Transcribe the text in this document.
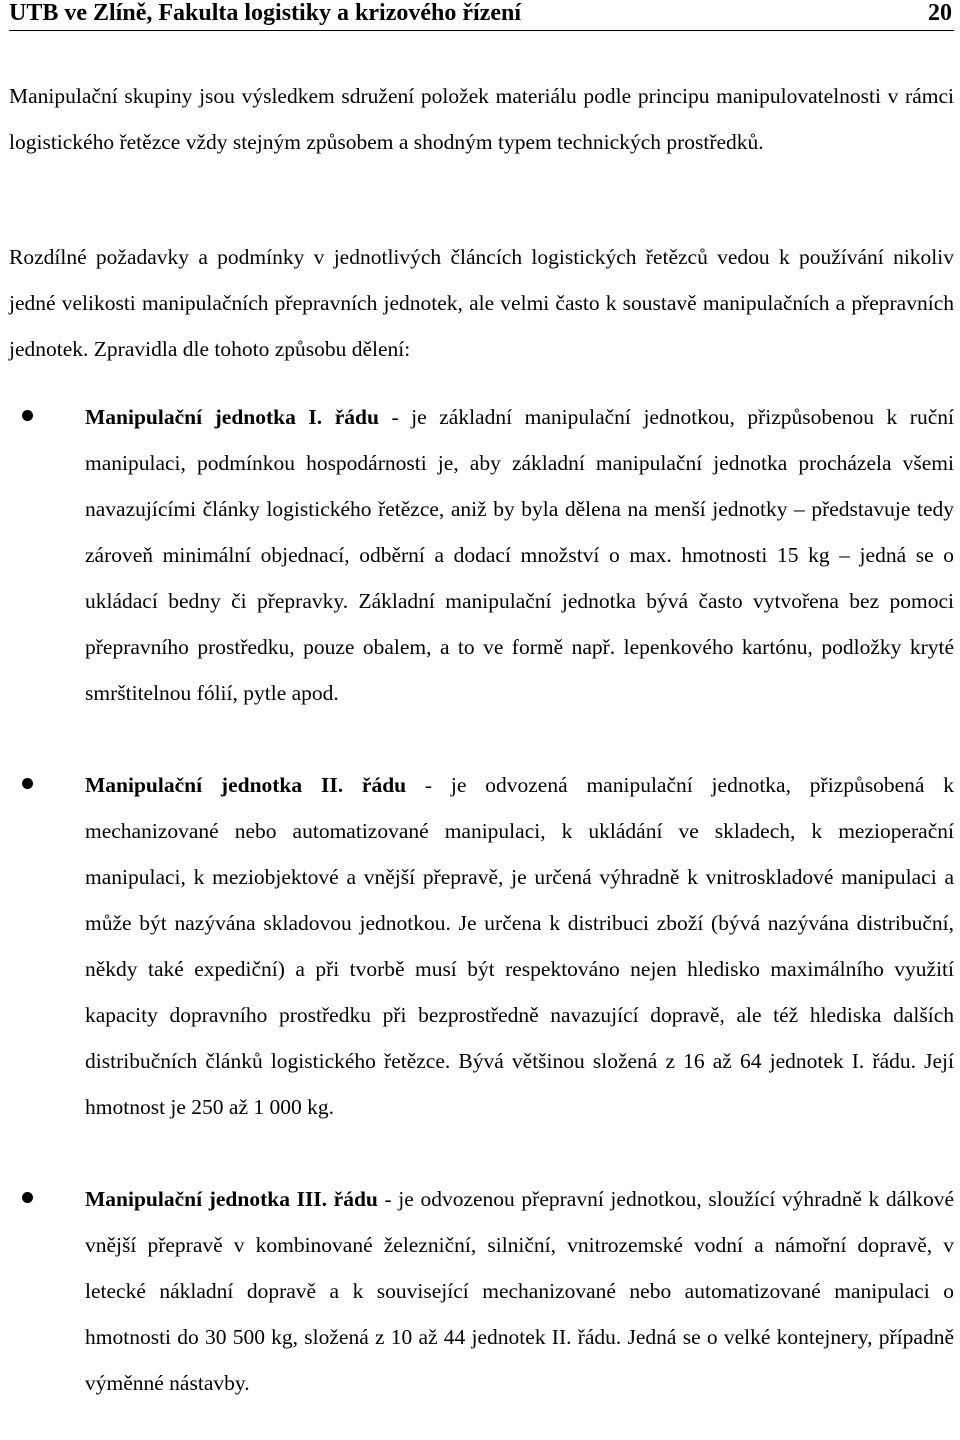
UTB ve Zlíně, Fakulta logistiky a krizového řízení	20

Manipulační skupiny jsou výsledkem sdružení položek materiálu podle principu manipulovatelnosti v rámci logistického řetězce vždy stejným způsobem a shodným typem technických prostředků.

Rozdílné požadavky a podmínky v jednotlivých článcích logistických řetězců vedou k používání nikoliv jedné velikosti manipulačních přepravních jednotek, ale velmi často k soustavě manipulačních a přepravních jednotek. Zpravidla dle tohoto způsobu dělení:

Manipulační jednotka I. řádu - je základní manipulační jednotkou, přizpůsobenou k ruční manipulaci, podmínkou hospodárnosti je, aby základní manipulační jednotka procházela všemi navazujícími články logistického řetězce, aniž by byla dělena na menší jednotky – představuje tedy zároveň minimální objednací, odběrní a dodací množství o max. hmotnosti 15 kg – jedná se o ukládací bedny či přepravky. Základní manipulační jednotka bývá často vytvořena bez pomoci přepravního prostředku, pouze obalem, a to ve formě např. lepenkového kartónu, podložky kryté smrštitelnou fólií, pytle apod.

Manipulační jednotka II. řádu - je odvozená manipulační jednotka, přizpůsobená k mechanizované nebo automatizované manipulaci, k ukládání ve skladech, k mezioperační manipulaci, k meziobjektové a vnější přepravě, je určená výhradně k vnitroskladové manipulaci a může být nazývána skladovou jednotkou. Je určena k distribuci zboží (bývá nazývána distribuční, někdy také expediční) a při tvorbě musí být respektováno nejen hledisko maximálního využití kapacity dopravního prostředku při bezprostředně navazující dopravě, ale též hlediska dalších distribučních článků logistického řetězce. Bývá většinou složená z 16 až 64 jednotek I. řádu. Její hmotnost je 250 až 1 000 kg.

Manipulační jednotka III. řádu - je odvozenou přepravní jednotkou, sloužící výhradně k dálkové vnější přepravě v kombinované železniční, silniční, vnitrozemské vodní a námořní dopravě, v letecké nákladní dopravě a k související mechanizované nebo automatizované manipulaci o hmotnosti do 30 500 kg, složená z 10 až 44 jednotek II. řádu. Jedná se o velké kontejnery, případně výměnné nástavby.
